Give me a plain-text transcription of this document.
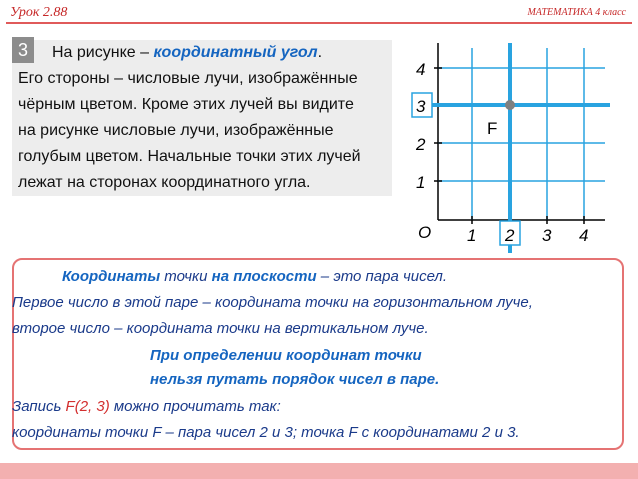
Урок 2.88	МАТЕМАТИКА 4 класс
На рисунке – координатный угол.
Его стороны – числовые лучи, изображённые
чёрным цветом. Кроме этих лучей вы видите
на рисунке числовые лучи, изображённые
голубым цветом. Начальные точки этих лучей
лежат на сторонах координатного угла.
3
F
1
2
3
4
O 1 2 3 4
Координаты точки на плоскости – это пара чисел.
Первое число в этой паре – координата точки на горизонтальном луче,
второе число – координата точки на вертикальном луче.
При определении координат точки
нельзя путать порядок чисел в паре.
Запись F(2, 3) можно прочитать так:
координаты точки F – пара чисел 2 и 3; точка F с координатами 2 и 3.
